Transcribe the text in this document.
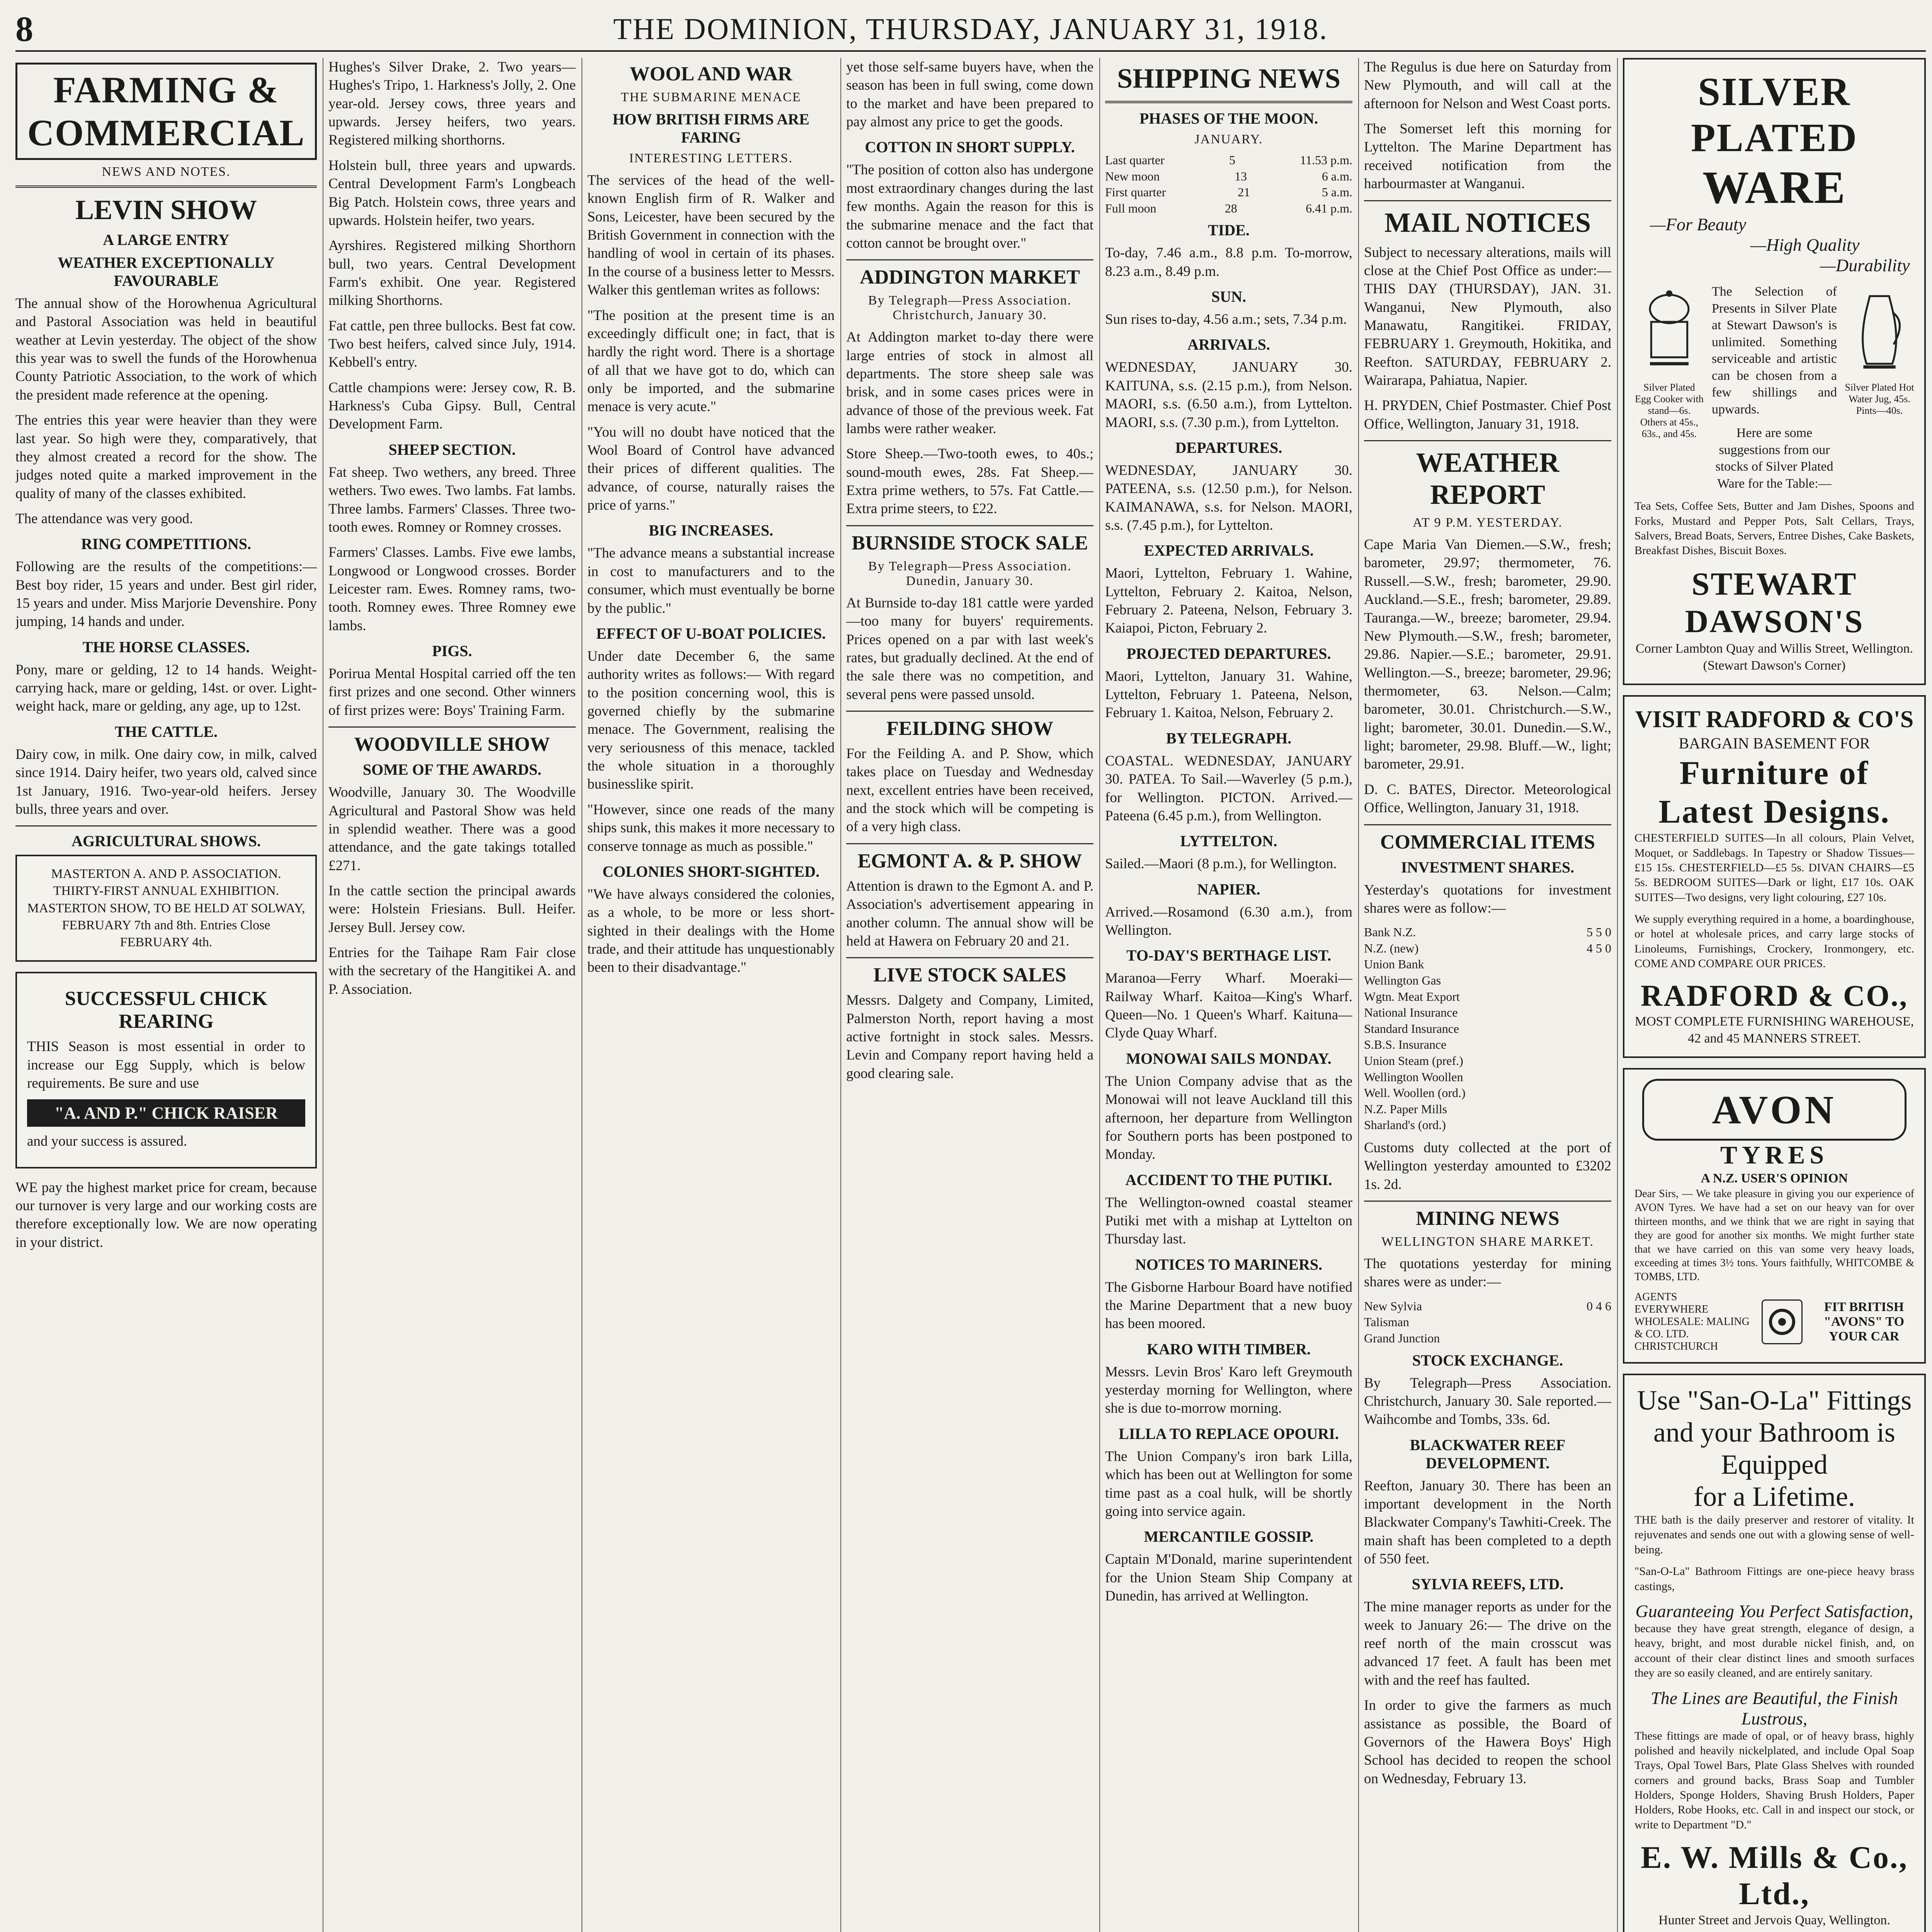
8	THE DOMINION, THURSDAY, JANUARY 31, 1918.
FARMING & COMMERCIAL
NEWS AND NOTES.
LEVIN SHOW
A LARGE ENTRY
WEATHER EXCEPTIONALLY FAVOURABLE

The annual show of the Horowhenua Agricultural and Pastoral Association was held in beautiful weather at Levin yesterday. The object of the show this year was to swell the funds of the Horowhenua County Patriotic Association, to the work of which the president made reference at the opening.

The entries this year were heavier than they were last year. So high were they, comparatively, that they almost created a record for the show. The judges noted quite a marked improvement in the quality of many of the classes exhibited.

The attendance was very good.

RING COMPETITIONS.

Following are the results of the competitions:— Best boy rider, 15 years and under. Best girl rider, 15 years and under. Miss Marjorie Devenshire. Pony jumping, 14 hands and under.

THE HORSE CLASSES.

Pony, mare or gelding, 12 to 14 hands. Weight-carrying hack, mare or gelding, 14st. or over. Light-weight hack, mare or gelding, any age, up to 12st.

THE CATTLE.

Dairy cow, in milk. One dairy cow, in milk, calved since 1914. Dairy heifer, two years old, calved since 1st January, 1916. Two-year-old heifers. Jersey bulls, three years and over.

AGRICULTURAL SHOWS.
MASTERTON A. AND P. ASSOCIATION. THIRTY-FIRST ANNUAL EXHIBITION. MASTERTON SHOW, TO BE HELD AT SOLWAY, FEBRUARY 7th and 8th. Entries Close FEBRUARY 4th.
SUCCESSFUL CHICK REARING

THIS Season is most essential in order to increase our Egg Supply, which is below requirements. Be sure and use

"A. AND P." CHICK RAISER

and your success is assured.

WE pay the highest market price for cream, because our turnover is very large and our working costs are therefore exceptionally low. We are now operating in your district.

Hughes's Silver Drake, 2. Two years— Hughes's Tripo, 1. Harkness's Jolly, 2. One year-old. Jersey cows, three years and upwards. Jersey heifers, two years. Registered milking shorthorns.

Holstein bull, three years and upwards. Central Development Farm's Longbeach Big Patch. Holstein cows, three years and upwards. Holstein heifer, two years.

Ayrshires. Registered milking Shorthorn bull, two years. Central Development Farm's exhibit. One year. Registered milking Shorthorns.

Fat cattle, pen three bullocks. Best fat cow. Two best heifers, calved since July, 1914. Kebbell's entry.

Cattle champions were: Jersey cow, R. B. Harkness's Cuba Gipsy. Bull, Central Development Farm.

SHEEP SECTION.

Fat sheep. Two wethers, any breed. Three wethers. Two ewes. Two lambs. Fat lambs. Three lambs. Farmers' Classes. Three two-tooth ewes. Romney or Romney crosses.

Farmers' Classes. Lambs. Five ewe lambs, Longwood or Longwood crosses. Border Leicester ram. Ewes. Romney rams, two-tooth. Romney ewes. Three Romney ewe lambs.

PIGS.

Porirua Mental Hospital carried off the ten first prizes and one second. Other winners of first prizes were: Boys' Training Farm.

WOODVILLE SHOW
SOME OF THE AWARDS.

Woodville, January 30. The Woodville Agricultural and Pastoral Show was held in splendid weather. There was a good attendance, and the gate takings totalled £271.

In the cattle section the principal awards were: Holstein Friesians. Bull. Heifer. Jersey Bull. Jersey cow.

Entries for the Taihape Ram Fair close with the secretary of the Hangitikei A. and P. Association.

WOOL AND WAR
THE SUBMARINE MENACE
HOW BRITISH FIRMS ARE FARING
INTERESTING LETTERS.

The services of the head of the well-known English firm of R. Walker and Sons, Leicester, have been secured by the British Government in connection with the handling of wool in certain of its phases. In the course of a business letter to Messrs. Walker this gentleman writes as follows:

"The position at the present time is an exceedingly difficult one; in fact, that is hardly the right word. There is a shortage of all that we have got to do, which can only be imported, and the submarine menace is very acute."

"You will no doubt have noticed that the Wool Board of Control have advanced their prices of different qualities. The advance, of course, naturally raises the price of yarns."

BIG INCREASES.

"The advance means a substantial increase in cost to manufacturers and to the consumer, which must eventually be borne by the public."

EFFECT OF U-BOAT POLICIES.

Under date December 6, the same authority writes as follows:— With regard to the position concerning wool, this is governed chiefly by the submarine menace. The Government, realising the very seriousness of this menace, tackled the whole situation in a thoroughly businesslike spirit.

"However, since one reads of the many ships sunk, this makes it more necessary to conserve tonnage as much as possible."

COLONIES SHORT-SIGHTED.

"We have always considered the colonies, as a whole, to be more or less short-sighted in their dealings with the Home trade, and their attitude has unquestionably been to their disadvantage."

yet those self-same buyers have, when the season has been in full swing, come down to the market and have been prepared to pay almost any price to get the goods.

COTTON IN SHORT SUPPLY.

"The position of cotton also has undergone most extraordinary changes during the last few months. Again the reason for this is the submarine menace and the fact that cotton cannot be brought over."

ADDINGTON MARKET
By Telegraph—Press Association. Christchurch, January 30.

At Addington market to-day there were large entries of stock in almost all departments. The store sheep sale was brisk, and in some cases prices were in advance of those of the previous week. Fat lambs were rather weaker.

Store Sheep.—Two-tooth ewes, to 40s.; sound-mouth ewes, 28s. Fat Sheep.—Extra prime wethers, to 57s. Fat Cattle.—Extra prime steers, to £22.

BURNSIDE STOCK SALE
By Telegraph—Press Association. Dunedin, January 30.

At Burnside to-day 181 cattle were yarded—too many for buyers' requirements. Prices opened on a par with last week's rates, but gradually declined. At the end of the sale there was no competition, and several pens were passed unsold.

FEILDING SHOW

For the Feilding A. and P. Show, which takes place on Tuesday and Wednesday next, excellent entries have been received, and the stock which will be competing is of a very high class.

EGMONT A. & P. SHOW

Attention is drawn to the Egmont A. and P. Association's advertisement appearing in another column. The annual show will be held at Hawera on February 20 and 21.

LIVE STOCK SALES

Messrs. Dalgety and Company, Limited, Palmerston North, report having a most active fortnight in stock sales. Messrs. Levin and Company report having held a good clearing sale.

SHIPPING NEWS
PHASES OF THE MOON.
JANUARY.
Last quarter	5	11.53 p.m.
New moon	13	6 a.m.
First quarter	21	5 a.m.
Full moon	28	6.41 p.m.
TIDE.

To-day, 7.46 a.m., 8.8 p.m. To-morrow, 8.23 a.m., 8.49 p.m.

SUN.

Sun rises to-day, 4.56 a.m.; sets, 7.34 p.m.

ARRIVALS.

WEDNESDAY, JANUARY 30. KAITUNA, s.s. (2.15 p.m.), from Nelson. MAORI, s.s. (6.50 a.m.), from Lyttelton. MAORI, s.s. (7.30 p.m.), from Lyttelton.

DEPARTURES.

WEDNESDAY, JANUARY 30. PATEENA, s.s. (12.50 p.m.), for Nelson. KAIMANAWA, s.s. for Nelson. MAORI, s.s. (7.45 p.m.), for Lyttelton.

EXPECTED ARRIVALS.

Maori, Lyttelton, February 1. Wahine, Lyttelton, February 2. Kaitoa, Nelson, February 2. Pateena, Nelson, February 3. Kaiapoi, Picton, February 2.

PROJECTED DEPARTURES.

Maori, Lyttelton, January 31. Wahine, Lyttelton, February 1. Pateena, Nelson, February 1. Kaitoa, Nelson, February 2.

BY TELEGRAPH.

COASTAL. WEDNESDAY, JANUARY 30. PATEA. To Sail.—Waverley (5 p.m.), for Wellington. PICTON. Arrived.—Pateena (6.45 p.m.), from Wellington.

LYTTELTON.

Sailed.—Maori (8 p.m.), for Wellington.

NAPIER.

Arrived.—Rosamond (6.30 a.m.), from Wellington.

TO-DAY'S BERTHAGE LIST.

Maranoa—Ferry Wharf. Moeraki—Railway Wharf. Kaitoa—King's Wharf. Queen—No. 1 Queen's Wharf. Kaituna—Clyde Quay Wharf.

MONOWAI SAILS MONDAY.

The Union Company advise that as the Monowai will not leave Auckland till this afternoon, her departure from Wellington for Southern ports has been postponed to Monday.

ACCIDENT TO THE PUTIKI.

The Wellington-owned coastal steamer Putiki met with a mishap at Lyttelton on Thursday last.

NOTICES TO MARINERS.

The Gisborne Harbour Board have notified the Marine Department that a new buoy has been moored.

KARO WITH TIMBER.

Messrs. Levin Bros' Karo left Greymouth yesterday morning for Wellington, where she is due to-morrow morning.

LILLA TO REPLACE OPOURI.

The Union Company's iron bark Lilla, which has been out at Wellington for some time past as a coal hulk, will be shortly going into service again.

MERCANTILE GOSSIP.

Captain M'Donald, marine superintendent for the Union Steam Ship Company at Dunedin, has arrived at Wellington.

The Regulus is due here on Saturday from New Plymouth, and will call at the afternoon for Nelson and West Coast ports.

The Somerset left this morning for Lyttelton. The Marine Department has received notification from the harbourmaster at Wanganui.

MAIL NOTICES

Subject to necessary alterations, mails will close at the Chief Post Office as under:— THIS DAY (THURSDAY), JAN. 31. Wanganui, New Plymouth, also Manawatu, Rangitikei. FRIDAY, FEBRUARY 1. Greymouth, Hokitika, and Reefton. SATURDAY, FEBRUARY 2. Wairarapa, Pahiatua, Napier.

H. PRYDEN, Chief Postmaster. Chief Post Office, Wellington, January 31, 1918.

WEATHER REPORT
AT 9 P.M. YESTERDAY.

Cape Maria Van Diemen.—S.W., fresh; barometer, 29.97; thermometer, 76. Russell.—S.W., fresh; barometer, 29.90. Auckland.—S.E., fresh; barometer, 29.89. Tauranga.—W., breeze; barometer, 29.94. New Plymouth.—S.W., fresh; barometer, 29.86. Napier.—S.E.; barometer, 29.91. Wellington.—S., breeze; barometer, 29.96; thermometer, 63. Nelson.—Calm; barometer, 30.01. Christchurch.—S.W., light; barometer, 30.01. Dunedin.—S.W., light; barometer, 29.98. Bluff.—W., light; barometer, 29.91.

D. C. BATES, Director. Meteorological Office, Wellington, January 31, 1918.

COMMERCIAL ITEMS
INVESTMENT SHARES.

Yesterday's quotations for investment shares were as follow:—

Bank N.Z.	5 5 0
N.Z. (new)	4 5 0
Union Bank
Wellington Gas
Wgtn. Meat Export
National Insurance
Standard Insurance
S.B.S. Insurance
Union Steam (pref.)
Wellington Woollen
Well. Woollen (ord.)
N.Z. Paper Mills
Sharland's (ord.)

Customs duty collected at the port of Wellington yesterday amounted to £3202 1s. 2d.

MINING NEWS
WELLINGTON SHARE MARKET.

The quotations yesterday for mining shares were as under:—

New Sylvia	0 4 6
Talisman
Grand Junction
STOCK EXCHANGE.

By Telegraph—Press Association. Christchurch, January 30. Sale reported.—Waihcombe and Tombs, 33s. 6d.

BLACKWATER REEF DEVELOPMENT.

Reefton, January 30. There has been an important development in the North Blackwater Company's Tawhiti-Creek. The main shaft has been completed to a depth of 550 feet.

SYLVIA REEFS, LTD.

The mine manager reports as under for the week to January 26:— The drive on the reef north of the main crosscut was advanced 17 feet. A fault has been met with and the reef has faulted.

In order to give the farmers as much assistance as possible, the Board of Governors of the Hawera Boys' High School has decided to reopen the school on Wednesday, February 13.

SILVER PLATED
WARE
—For Beauty
—High Quality
—Durability
Silver Plated Egg Cooker with stand—6s. Others at 45s., 63s., and 45s.

The Selection of Presents in Silver Plate at Stewart Dawson's is unlimited. Something serviceable and artistic can be chosen from a few shillings and upwards.

Here are some suggestions from our stocks of Silver Plated Ware for the Table:—

Silver Plated Hot Water Jug, 45s. Pints—40s.

Tea Sets, Coffee Sets, Butter and Jam Dishes, Spoons and Forks, Mustard and Pepper Pots, Salt Cellars, Trays, Salvers, Bread Boats, Servers, Entree Dishes, Cake Baskets, Breakfast Dishes, Biscuit Boxes.

STEWART DAWSON'S
Corner Lambton Quay and Willis Street, Wellington.
(Stewart Dawson's Corner)
VISIT RADFORD & CO'S
BARGAIN BASEMENT FOR
Furniture of Latest Designs.

CHESTERFIELD SUITES—In all colours, Plain Velvet, Moquet, or Saddlebags. In Tapestry or Shadow Tissues—£15 15s. CHESTERFIELD—£5 5s. DIVAN CHAIRS—£5 5s. BEDROOM SUITES—Dark or light, £17 10s. OAK SUITES—Two designs, very light colouring, £27 10s.

We supply everything required in a home, a boardinghouse, or hotel at wholesale prices, and carry large stocks of Linoleums, Furnishings, Crockery, Ironmongery, etc. COME AND COMPARE OUR PRICES.

RADFORD & CO.,
MOST COMPLETE FURNISHING WAREHOUSE,
42 and 45 MANNERS STREET.
AVON
TYRES
A N.Z. USER'S OPINION

Dear Sirs, — We take pleasure in giving you our experience of AVON Tyres. We have had a set on our heavy van for over thirteen months, and we think that we are right in saying that they are good for another six months. We might further state that we have carried on this van some very heavy loads, exceeding at times 3½ tons. Yours faithfully, WHITCOMBE & TOMBS, LTD.

AGENTS EVERYWHERE
WHOLESALE: MALING & CO. LTD. CHRISTCHURCH
FIT BRITISH "AVONS" TO YOUR CAR
Use "San-O-La" Fittings
and your Bathroom is Equipped
for a Lifetime.

THE bath is the daily preserver and restorer of vitality. It rejuvenates and sends one out with a glowing sense of well-being.

"San-O-La" Bathroom Fittings are one-piece heavy brass castings,

Guaranteeing You Perfect Satisfaction,

because they have great strength, elegance of design, a heavy, bright, and most durable nickel finish, and, on account of their clear distinct lines and smooth surfaces they are so easily cleaned, and are entirely sanitary.

The Lines are Beautiful, the Finish Lustrous,

These fittings are made of opal, or of heavy brass, highly polished and heavily nickelplated, and include Opal Soap Trays, Opal Towel Bars, Plate Glass Shelves with rounded corners and ground backs, Brass Soap and Tumbler Holders, Sponge Holders, Shaving Brush Holders, Paper Holders, Robe Hooks, etc. Call in and inspect our stock, or write to Department "D."

E. W. Mills & Co., Ltd.,
Hunter Street and Jervois Quay, Wellington.
